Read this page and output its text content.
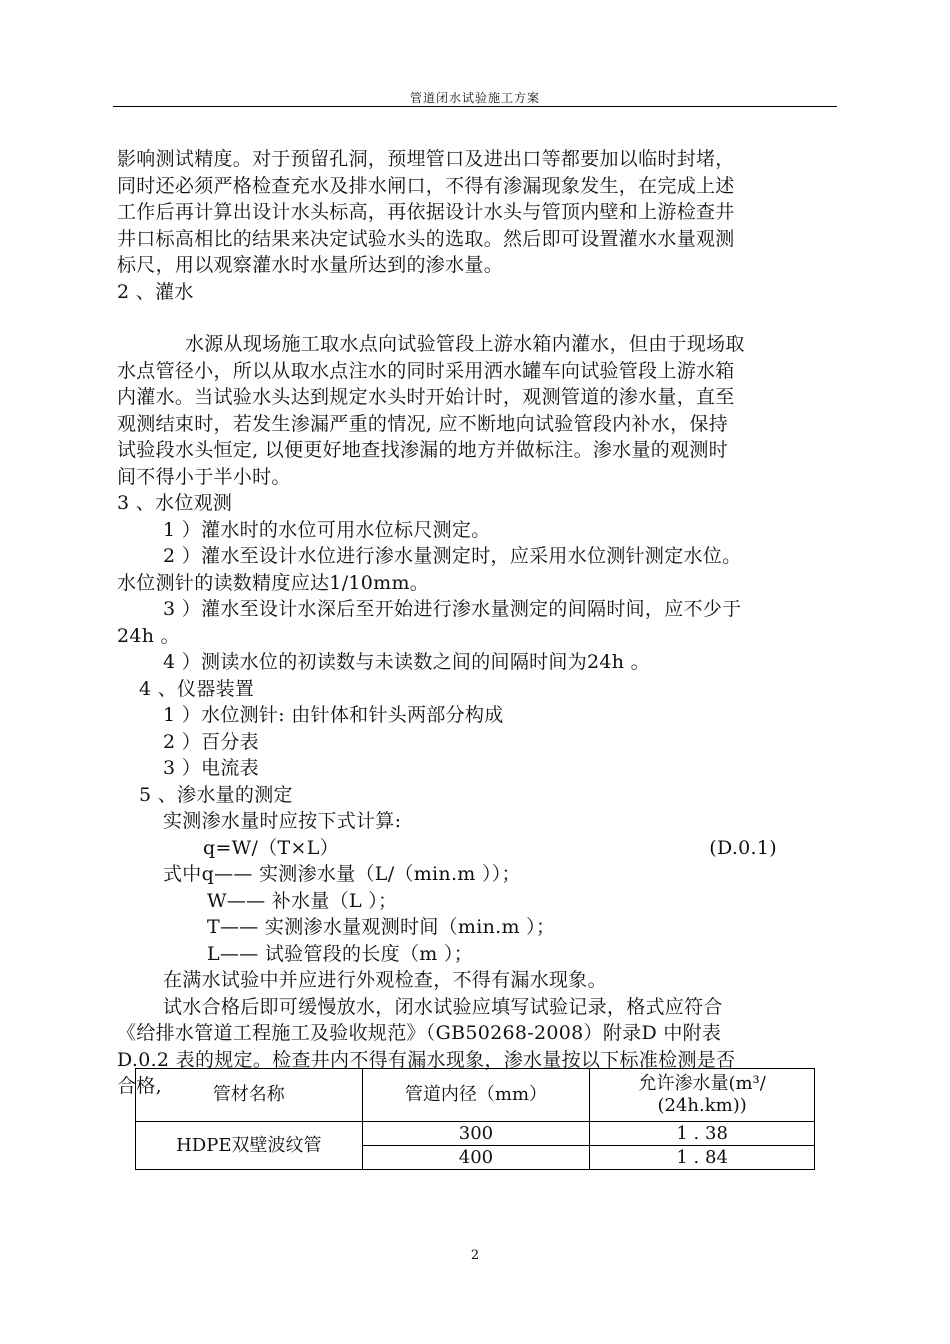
管道闭水试验施工方案

影响测试精度。对于预留孔洞，预埋管口及进出口等都要加以临时封堵，

同时还必须严格检查充水及排水闸口，不得有渗漏现象发生，在完成上述

工作后再计算出设计水头标高，再依据设计水头与管顶内壁和上游检查井

井口标高相比的结果来决定试验水头的选取。然后即可设置灌水水量观测

标尺，用以观察灌水时水量所达到的渗水量。

2 、灌水

水源从现场施工取水点向试验管段上游水箱内灌水，但由于现场取

水点管径小，所以从取水点注水的同时采用洒水罐车向试验管段上游水箱

内灌水。当试验水头达到规定水头时开始计时，观测管道的渗水量，直至

观测结束时，若发生渗漏严重的情况, 应不断地向试验管段内补水，保持

试验段水头恒定, 以便更好地查找渗漏的地方并做标注。渗水量的观测时

间不得小于半小时。

3 、水位观测

1 ）灌水时的水位可用水位标尺测定。

2 ）灌水至设计水位进行渗水量测定时，应采用水位测针测定水位。

水位测针的读数精度应达1/10mm。

3 ）灌水至设计水深后至开始进行渗水量测定的间隔时间，应不少于

24h 。

4 ）测读水位的初读数与未读数之间的间隔时间为24h 。

4 、仪器装置

1 ）水位测针: 由针体和针头两部分构成

2 ）百分表

3 ）电流表

5 、渗水量的测定

实测渗水量时应按下式计算:

q=W/（T×L）	(D.0.1)

式中q—— 实测渗水量（L/（min.m ））；

W—— 补水量（L ）；

T—— 实测渗水量观测时间（min.m ）；

L—— 试验管段的长度（m ）；

在满水试验中并应进行外观检查，不得有漏水现象。

试水合格后即可缓慢放水，闭水试验应填写试验记录，格式应符合

《给排水管道工程施工及验收规范》（GB50268-2008）附录D 中附表

D.0.2 表的规定。检查井内不得有漏水现象，渗水量按以下标准检测是否

合格,	管材名称	管道内径（mm）	允许渗水量(m³/
(24h.km))

HDPE双壁波纹管	300	1 . 38
	400	1 . 84
2
